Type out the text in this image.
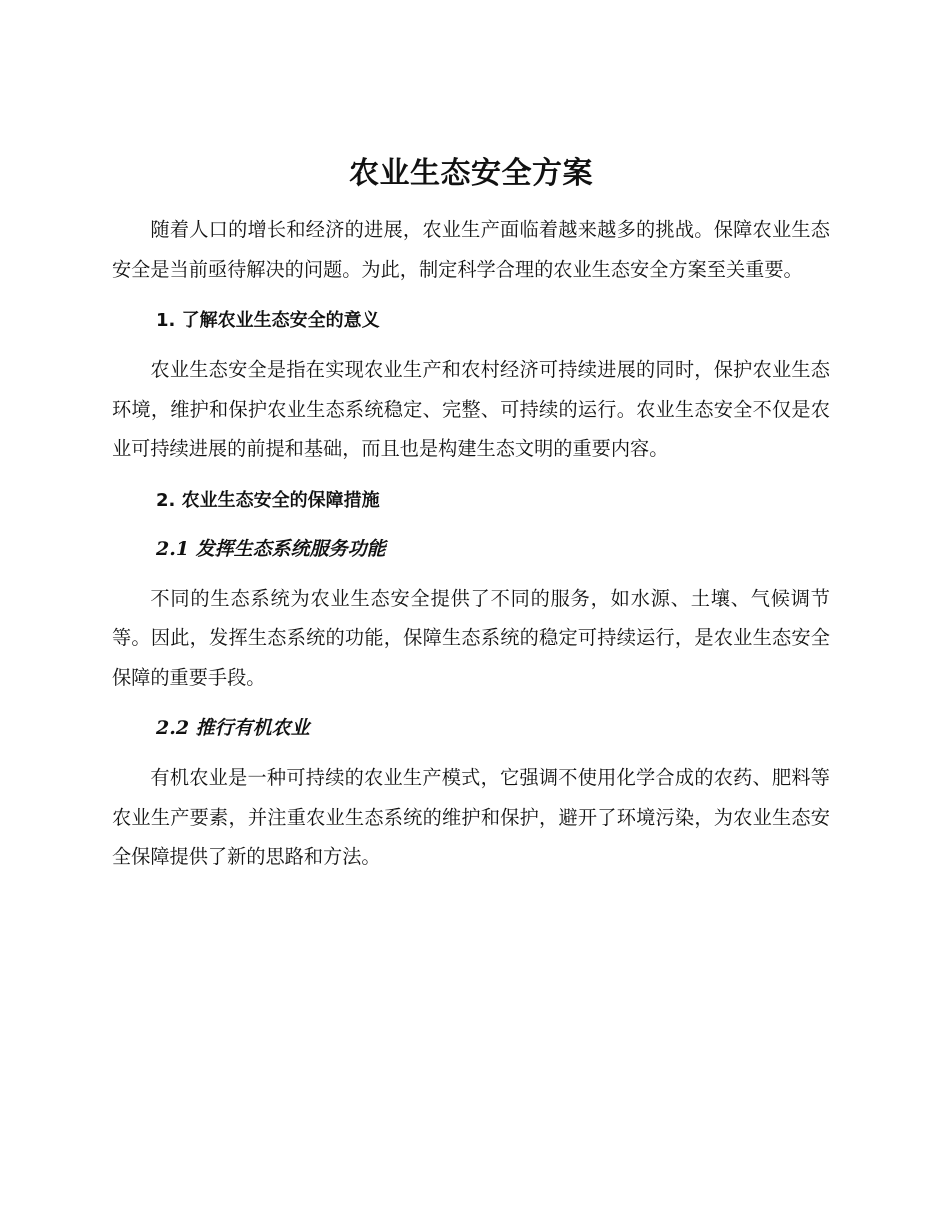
农业生态安全方案

随着人口的增长和经济的进展，农业生产面临着越来越多的挑战。保障农业生态安全是当前亟待解决的问题。为此，制定科学合理的农业生态安全方案至关重要。

1. 了解农业生态安全的意义

农业生态安全是指在实现农业生产和农村经济可持续进展的同时，保护农业生态环境，维护和保护农业生态系统稳定、完整、可持续的运行。农业生态安全不仅是农业可持续进展的前提和基础，而且也是构建生态文明的重要内容。

2. 农业生态安全的保障措施
2.1 发挥生态系统服务功能

不同的生态系统为农业生态安全提供了不同的服务，如水源、土壤、气候调节等。因此，发挥生态系统的功能，保障生态系统的稳定可持续运行，是农业生态安全保障的重要手段。

2.2 推行有机农业

有机农业是一种可持续的农业生产模式，它强调不使用化学合成的农药、肥料等农业生产要素，并注重农业生态系统的维护和保护，避开了环境污染，为农业生态安全保障提供了新的思路和方法。
